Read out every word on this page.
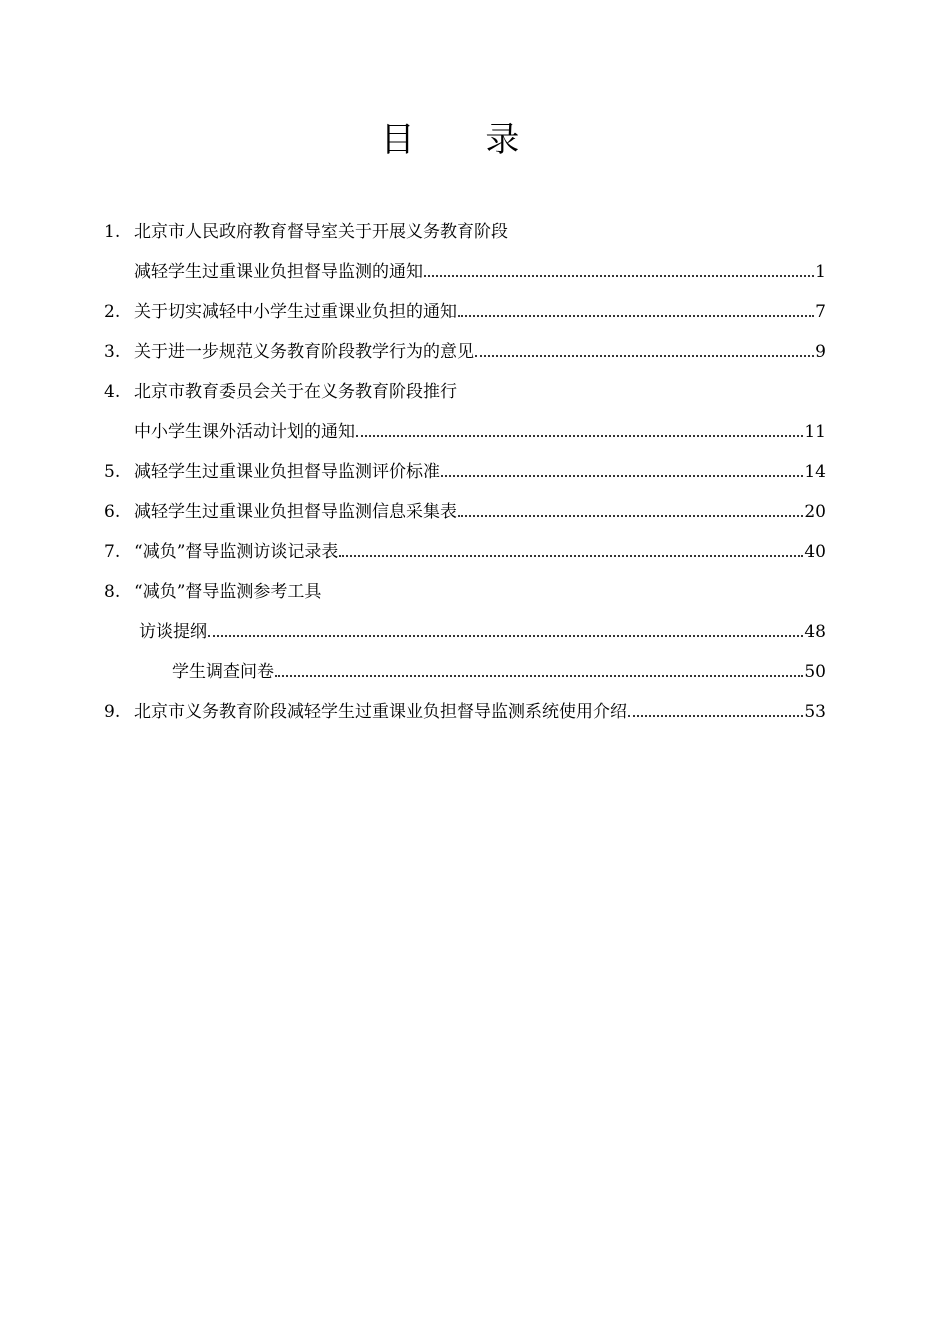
目 录
1. 北京市人民政府教育督导室关于开展义务教育阶段
减轻学生过重课业负担督导监测的通知	1
2. 关于切实减轻中小学生过重课业负担的通知	7
3. 关于进一步规范义务教育阶段教学行为的意见	9
4. 北京市教育委员会关于在义务教育阶段推行
中小学生课外活动计划的通知	11
5. 减轻学生过重课业负担督导监测评价标准	14
6. 减轻学生过重课业负担督导监测信息采集表	20
7. “减负”督导监测访谈记录表	40
8. “减负”督导监测参考工具
访谈提纲	48
学生调查问卷	50
9. 北京市义务教育阶段减轻学生过重课业负担督导监测系统使用介绍	53
